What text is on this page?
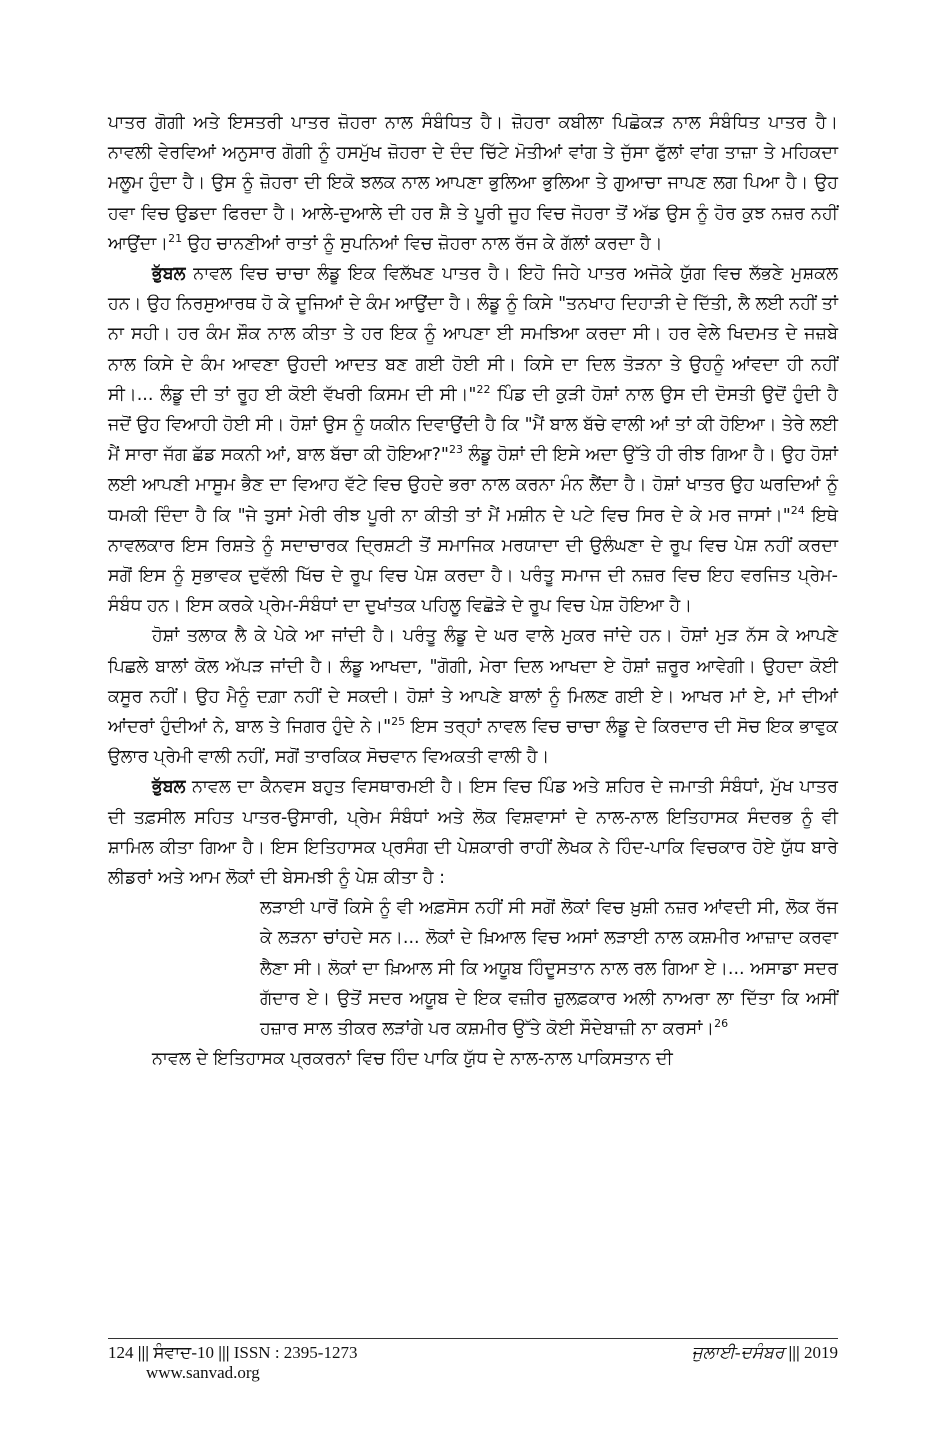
ਪਾਤਰ ਗੋਗੀ ਅਤੇ ਇਸਤਰੀ ਪਾਤਰ ਜ਼ੋਹਰਾ ਨਾਲ ਸੰਬੰਧਿਤ ਹੈ। ਜ਼ੋਹਰਾ ਕਬੀਲਾ ਪਿਛੋਕੜ ਨਾਲ ਸੰਬੰਧਿਤ ਪਾਤਰ ਹੈ। ਨਾਵਲੀ ਵੇਰਵਿਆਂ ਅਨੁਸਾਰ ਗੋਗੀ ਨੂੰ ਹਸਮੁੱਖ ਜ਼ੋਹਰਾ ਦੇ ਦੰਦ ਚਿੱਟੇ ਮੋਤੀਆਂ ਵਾਂਗ ਤੇ ਜੁੱਸਾ ਫੁੱਲਾਂ ਵਾਂਗ ਤਾਜ਼ਾ ਤੇ ਮਹਿਕਦਾ ਮਲੂਮ ਹੁੰਦਾ ਹੈ। ਉਸ ਨੂੰ ਜ਼ੋਹਰਾ ਦੀ ਇਕੋ ਝਲਕ ਨਾਲ ਆਪਣਾ ਭੁਲਿਆ ਭੁਲਿਆ ਤੇ ਗੁਆਚਾ ਜਾਪਣ ਲਗ ਪਿਆ ਹੈ। ਉਹ ਹਵਾ ਵਿਚ ਉਡਦਾ ਫਿਰਦਾ ਹੈ। ਆਲੇ-ਦੁਆਲੇ ਦੀ ਹਰ ਸ਼ੈ ਤੇ ਪੂਰੀ ਜੂਹ ਵਿਚ ਜੋਹਰਾ ਤੋਂ ਅੱਡ ਉਸ ਨੂੰ ਹੋਰ ਕੁਝ ਨਜ਼ਰ ਨਹੀਂ ਆਉਂਦਾ।$^{21}$ ਉਹ ਚਾਨਣੀਆਂ ਰਾਤਾਂ ਨੂੰ ਸੁਪਨਿਆਂ ਵਿਚ ਜ਼ੋਹਰਾ ਨਾਲ ਰੱਜ ਕੇ ਗੱਲਾਂ ਕਰਦਾ ਹੈ।

ਭੁੱਬਲ ਨਾਵਲ ਵਿਚ ਚਾਚਾ ਲੰਡੂ ਇਕ ਵਿਲੱਖਣ ਪਾਤਰ ਹੈ। ਇਹੋ ਜਿਹੇ ਪਾਤਰ ਅਜੋਕੇ ਯੁੱਗ ਵਿਚ ਲੱਭਣੇ ਮੁਸ਼ਕਲ ਹਨ। ਉਹ ਨਿਰਸੁਆਰਥ ਹੋ ਕੇ ਦੂਜਿਆਂ ਦੇ ਕੰਮ ਆਉਂਦਾ ਹੈ। ਲੰਡੂ ਨੂੰ ਕਿਸੇ "ਤਨਖਾਹ ਦਿਹਾੜੀ ਦੇ ਦਿੱਤੀ, ਲੈ ਲਈ ਨਹੀਂ ਤਾਂ ਨਾ ਸਹੀ। ਹਰ ਕੰਮ ਸ਼ੌਕ ਨਾਲ ਕੀਤਾ ਤੇ ਹਰ ਇਕ ਨੂੰ ਆਪਣਾ ਈ ਸਮਝਿਆ ਕਰਦਾ ਸੀ। ਹਰ ਵੇਲੇ ਖਿਦਮਤ ਦੇ ਜਜ਼ਬੇ ਨਾਲ ਕਿਸੇ ਦੇ ਕੰਮ ਆਵਣਾ ਉਹਦੀ ਆਦਤ ਬਣ ਗਈ ਹੋਈ ਸੀ। ਕਿਸੇ ਦਾ ਦਿਲ ਤੋੜਨਾ ਤੇ ਉਹਨੂੰ ਆਂਵਦਾ ਹੀ ਨਹੀਂ ਸੀ।... ਲੰਡੂ ਦੀ ਤਾਂ ਰੂਹ ਈ ਕੋਈ ਵੱਖਰੀ ਕਿਸਮ ਦੀ ਸੀ।"$^{22}$ ਪਿੰਡ ਦੀ ਕੁੜੀ ਹੋਸ਼ਾਂ ਨਾਲ ਉਸ ਦੀ ਦੋਸਤੀ ਉਦੋਂ ਹੁੰਦੀ ਹੈ ਜਦੋਂ ਉਹ ਵਿਆਹੀ ਹੋਈ ਸੀ। ਹੋਸ਼ਾਂ ਉਸ ਨੂੰ ਯਕੀਨ ਦਿਵਾਉਂਦੀ ਹੈ ਕਿ "ਮੈਂ ਬਾਲ ਬੱਚੇ ਵਾਲੀ ਆਂ ਤਾਂ ਕੀ ਹੋਇਆ। ਤੇਰੇ ਲਈ ਮੈਂ ਸਾਰਾ ਜੱਗ ਛੱਡ ਸਕਨੀ ਆਂ, ਬਾਲ ਬੱਚਾ ਕੀ ਹੋਇਆ?"$^{23}$ ਲੰਡੂ ਹੋਸ਼ਾਂ ਦੀ ਇਸੇ ਅਦਾ ਉੱਤੇ ਹੀ ਰੀਝ ਗਿਆ ਹੈ। ਉਹ ਹੋਸ਼ਾਂ ਲਈ ਆਪਣੀ ਮਾਸੂਮ ਭੈਣ ਦਾ ਵਿਆਹ ਵੱਟੇ ਵਿਚ ਉਹਦੇ ਭਰਾ ਨਾਲ ਕਰਨਾ ਮੰਨ ਲੈਂਦਾ ਹੈ। ਹੋਸ਼ਾਂ ਖਾਤਰ ਉਹ ਘਰਦਿਆਂ ਨੂੰ ਧਮਕੀ ਦਿੰਦਾ ਹੈ ਕਿ "ਜੇ ਤੁਸਾਂ ਮੇਰੀ ਰੀਝ ਪੂਰੀ ਨਾ ਕੀਤੀ ਤਾਂ ਮੈਂ ਮਸ਼ੀਨ ਦੇ ਪਟੇ ਵਿਚ ਸਿਰ ਦੇ ਕੇ ਮਰ ਜਾਸਾਂ।"$^{24}$ ਇਥੇ ਨਾਵਲਕਾਰ ਇਸ ਰਿਸ਼ਤੇ ਨੂੰ ਸਦਾਚਾਰਕ ਦ੍ਰਿਸ਼ਟੀ ਤੋਂ ਸਮਾਜਿਕ ਮਰਯਾਦਾ ਦੀ ਉਲੰਘਣਾ ਦੇ ਰੂਪ ਵਿਚ ਪੇਸ਼ ਨਹੀਂ ਕਰਦਾ ਸਗੋਂ ਇਸ ਨੂੰ ਸੁਭਾਵਕ ਦੁਵੱਲੀ ਖਿੱਚ ਦੇ ਰੂਪ ਵਿਚ ਪੇਸ਼ ਕਰਦਾ ਹੈ। ਪਰੰਤੂ ਸਮਾਜ ਦੀ ਨਜ਼ਰ ਵਿਚ ਇਹ ਵਰਜਿਤ ਪ੍ਰੇਮ-ਸੰਬੰਧ ਹਨ। ਇਸ ਕਰਕੇ ਪ੍ਰੇਮ-ਸੰਬੰਧਾਂ ਦਾ ਦੁਖਾਂਤਕ ਪਹਿਲੂ ਵਿਛੋੜੇ ਦੇ ਰੂਪ ਵਿਚ ਪੇਸ਼ ਹੋਇਆ ਹੈ।

ਹੋਸ਼ਾਂ ਤਲਾਕ ਲੈ ਕੇ ਪੇਕੇ ਆ ਜਾਂਦੀ ਹੈ। ਪਰੰਤੂ ਲੰਡੂ ਦੇ ਘਰ ਵਾਲੇ ਮੁਕਰ ਜਾਂਦੇ ਹਨ। ਹੋਸ਼ਾਂ ਮੁੜ ਨੱਸ ਕੇ ਆਪਣੇ ਪਿਛਲੇ ਬਾਲਾਂ ਕੋਲ ਅੱਪੜ ਜਾਂਦੀ ਹੈ। ਲੰਡੂ ਆਖਦਾ, "ਗੋਗੀ, ਮੇਰਾ ਦਿਲ ਆਖਦਾ ਏ ਹੋਸ਼ਾਂ ਜ਼ਰੂਰ ਆਵੇਗੀ। ਉਹਦਾ ਕੋਈ ਕਸੂਰ ਨਹੀਂ। ਉਹ ਮੈਨੂੰ ਦਗ਼ਾ ਨਹੀਂ ਦੇ ਸਕਦੀ। ਹੋਸ਼ਾਂ ਤੇ ਆਪਣੇ ਬਾਲਾਂ ਨੂੰ ਮਿਲਣ ਗਈ ਏ। ਆਖਰ ਮਾਂ ਏ, ਮਾਂ ਦੀਆਂ ਆਂਦਰਾਂ ਹੁੰਦੀਆਂ ਨੇ, ਬਾਲ ਤੇ ਜਿਗਰ ਹੁੰਦੇ ਨੇ।"$^{25}$ ਇਸ ਤਰ੍ਹਾਂ ਨਾਵਲ ਵਿਚ ਚਾਚਾ ਲੰਡੂ ਦੇ ਕਿਰਦਾਰ ਦੀ ਸੋਚ ਇਕ ਭਾਵੁਕ ਉਲਾਰ ਪ੍ਰੇਮੀ ਵਾਲੀ ਨਹੀਂ, ਸਗੋਂ ਤਾਰਕਿਕ ਸੋਚਵਾਨ ਵਿਅਕਤੀ ਵਾਲੀ ਹੈ।

ਭੁੱਬਲ ਨਾਵਲ ਦਾ ਕੈਨਵਸ ਬਹੁਤ ਵਿਸਥਾਰਮਈ ਹੈ। ਇਸ ਵਿਚ ਪਿੰਡ ਅਤੇ ਸ਼ਹਿਰ ਦੇ ਜਮਾਤੀ ਸੰਬੰਧਾਂ, ਮੁੱਖ ਪਾਤਰ ਦੀ ਤਫ਼ਸੀਲ ਸਹਿਤ ਪਾਤਰ-ਉਸਾਰੀ, ਪ੍ਰੇਮ ਸੰਬੰਧਾਂ ਅਤੇ ਲੋਕ ਵਿਸ਼ਵਾਸਾਂ ਦੇ ਨਾਲ-ਨਾਲ ਇਤਿਹਾਸਕ ਸੰਦਰਭ ਨੂੰ ਵੀ ਸ਼ਾਮਿਲ ਕੀਤਾ ਗਿਆ ਹੈ। ਇਸ ਇਤਿਹਾਸਕ ਪ੍ਰਸੰਗ ਦੀ ਪੇਸ਼ਕਾਰੀ ਰਾਹੀਂ ਲੇਖਕ ਨੇ ਹਿੰਦ-ਪਾਕਿ ਵਿਚਕਾਰ ਹੋਏ ਯੁੱਧ ਬਾਰੇ ਲੀਡਰਾਂ ਅਤੇ ਆਮ ਲੋਕਾਂ ਦੀ ਬੇਸਮਝੀ ਨੂੰ ਪੇਸ਼ ਕੀਤਾ ਹੈ :

ਲੜਾਈ ਪਾਰੋਂ ਕਿਸੇ ਨੂੰ ਵੀ ਅਫ਼ਸੋਸ ਨਹੀਂ ਸੀ ਸਗੋਂ ਲੋਕਾਂ ਵਿਚ ਖ਼ੁਸ਼ੀ ਨਜ਼ਰ ਆਂਵਦੀ ਸੀ, ਲੋਕ ਰੱਜ ਕੇ ਲੜਨਾ ਚਾਂਹਦੇ ਸਨ।... ਲੋਕਾਂ ਦੇ ਖ਼ਿਆਲ ਵਿਚ ਅਸਾਂ ਲੜਾਈ ਨਾਲ ਕਸ਼ਮੀਰ ਆਜ਼ਾਦ ਕਰਵਾ ਲੈਣਾ ਸੀ। ਲੋਕਾਂ ਦਾ ਖ਼ਿਆਲ ਸੀ ਕਿ ਅਯੂਬ ਹਿੰਦੂਸਤਾਨ ਨਾਲ ਰਲ ਗਿਆ ਏ।... ਅਸਾਡਾ ਸਦਰ ਗੱਦਾਰ ਏ। ਉਤੋਂ ਸਦਰ ਅਯੂਬ ਦੇ ਇਕ ਵਜ਼ੀਰ ਜ਼ੁਲਫ਼ਕਾਰ ਅਲੀ ਨਾਅਰਾ ਲਾ ਦਿੱਤਾ ਕਿ ਅਸੀਂ ਹਜ਼ਾਰ ਸਾਲ ਤੀਕਰ ਲੜਾਂਗੇ ਪਰ ਕਸ਼ਮੀਰ ਉੱਤੇ ਕੋਈ ਸੌਦੇਬਾਜ਼ੀ ਨਾ ਕਰਸਾਂ।$^{26}$

ਨਾਵਲ ਦੇ ਇਤਿਹਾਸਕ ਪ੍ਰਕਰਨਾਂ ਵਿਚ ਹਿੰਦ ਪਾਕਿ ਯੁੱਧ ਦੇ ਨਾਲ-ਨਾਲ ਪਾਕਿਸਤਾਨ ਦੀ

124 ||| ਸੰਵਾਦ-10 ||| ISSN : 2395-1273	ਜੁਲਾਈ-ਦਸੰਬਰ ||| 2019
www.sanvad.org
